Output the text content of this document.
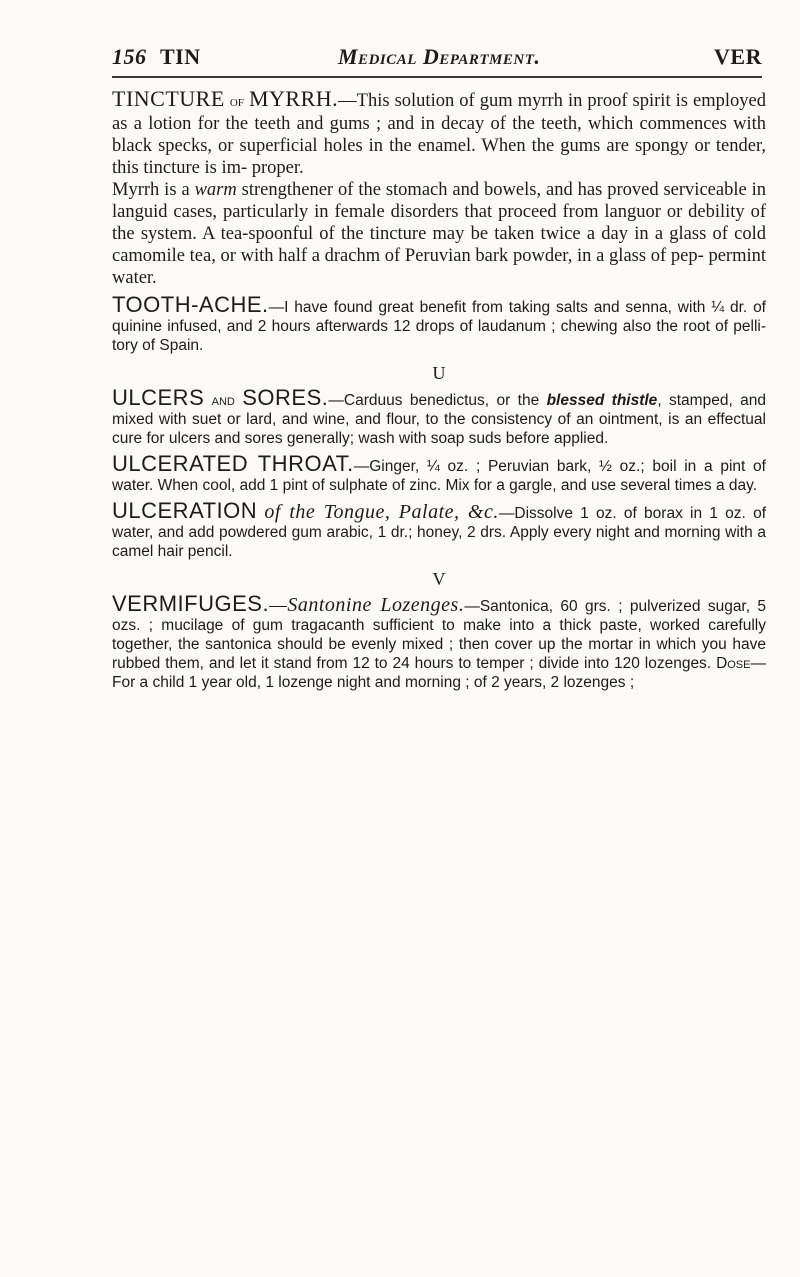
156 TIN	Medical Department.	VER

TINCTURE of MYRRH.—This solution of gum myrrh in proof spirit is employed as a lotion for the teeth and gums ; and in decay of the teeth, which commences with black specks, or superficial holes in the enamel. When the gums are spongy or tender, this tincture is im- proper.

Myrrh is a warm strengthener of the stomach and bowels, and has proved serviceable in languid cases, particularly in female disorders that proceed from languor or debility of the system. A tea-spoonful of the tincture may be taken twice a day in a glass of cold camomile tea, or with half a drachm of Peruvian bark powder, in a glass of pep- permint water.

TOOTH-ACHE.—I have found great benefit from taking salts and senna, with ¼ dr. of quinine infused, and 2 hours afterwards 12 drops of laudanum ; chewing also the root of pelli- tory of Spain.

U

ULCERS and SORES.—Carduus benedictus, or the blessed thistle, stamped, and mixed with suet or lard, and wine, and flour, to the consistency of an ointment, is an effectual cure for ulcers and sores generally; wash with soap suds before applied.

ULCERATED THROAT.—Ginger, ¼ oz. ; Peruvian bark, ½ oz.; boil in a pint of water. When cool, add 1 pint of sulphate of zinc. Mix for a gargle, and use several times a day.

ULCERATION of the Tongue, Palate, &c.—Dissolve 1 oz. of borax in 1 oz. of water, and add powdered gum arabic, 1 dr.; honey, 2 drs. Apply every night and morning with a camel hair pencil.

V

VERMIFUGES.—Santonine Lozenges.—Santonica, 60 grs. ; pulverized sugar, 5 ozs. ; mucilage of gum tragacanth sufficient to make into a thick paste, worked carefully together, the santonica should be evenly mixed ; then cover up the mortar in which you have rubbed them, and let it stand from 12 to 24 hours to temper ; divide into 120 lozenges. Dose—For a child 1 year old, 1 lozenge night and morning ; of 2 years, 2 lozenges ;
